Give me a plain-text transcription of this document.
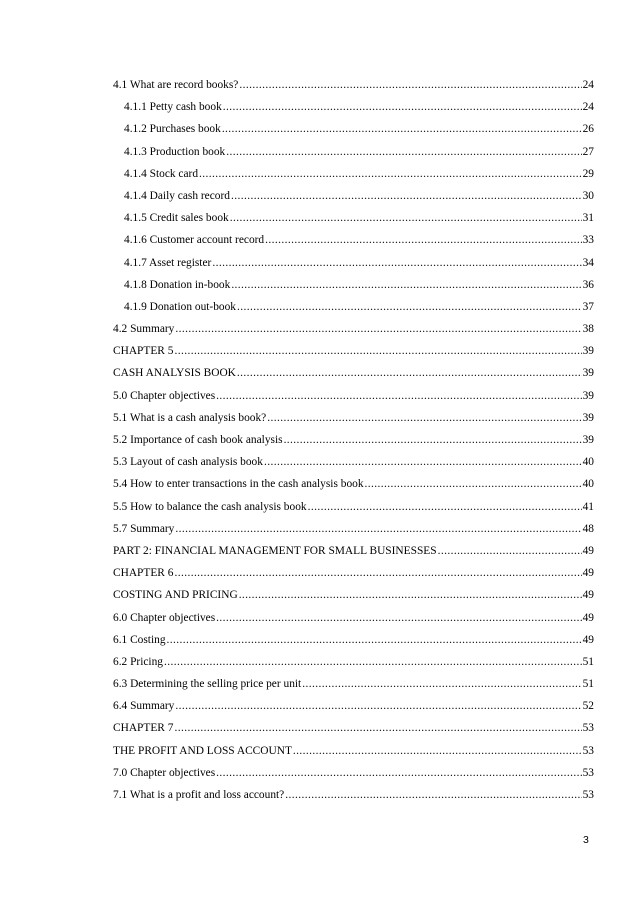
4.1 What are record books? .....	24
4.1.1 Petty cash book .....	24
4.1.2 Purchases book .....	26
4.1.3 Production book .....	27
4.1.4 Stock card .....	29
4.1.4 Daily cash record .....	30
4.1.5 Credit sales book .....	31
4.1.6 Customer account record .....	33
4.1.7 Asset register .....	34
4.1.8 Donation in-book .....	36
4.1.9 Donation out-book .....	37
4.2 Summary .....	38
CHAPTER 5 .....	39
CASH ANALYSIS BOOK .....	39
5.0 Chapter objectives .....	39
5.1 What is a cash analysis book? .....	39
5.2 Importance of cash book analysis .....	39
5.3 Layout of cash analysis book .....	40
5.4 How to enter transactions in the cash analysis book .....	40
5.5 How to balance the cash analysis book .....	41
5.7 Summary .....	48
PART 2: FINANCIAL MANAGEMENT FOR SMALL BUSINESSES .....	49
CHAPTER 6 .....	49
COSTING AND PRICING .....	49
6.0 Chapter objectives .....	49
6.1 Costing .....	49
6.2 Pricing .....	51
6.3 Determining the selling price per unit .....	51
6.4 Summary .....	52
CHAPTER 7 .....	53
THE PROFIT AND LOSS ACCOUNT .....	53
7.0 Chapter objectives .....	53
7.1 What is a profit and loss account? .....	53
3
